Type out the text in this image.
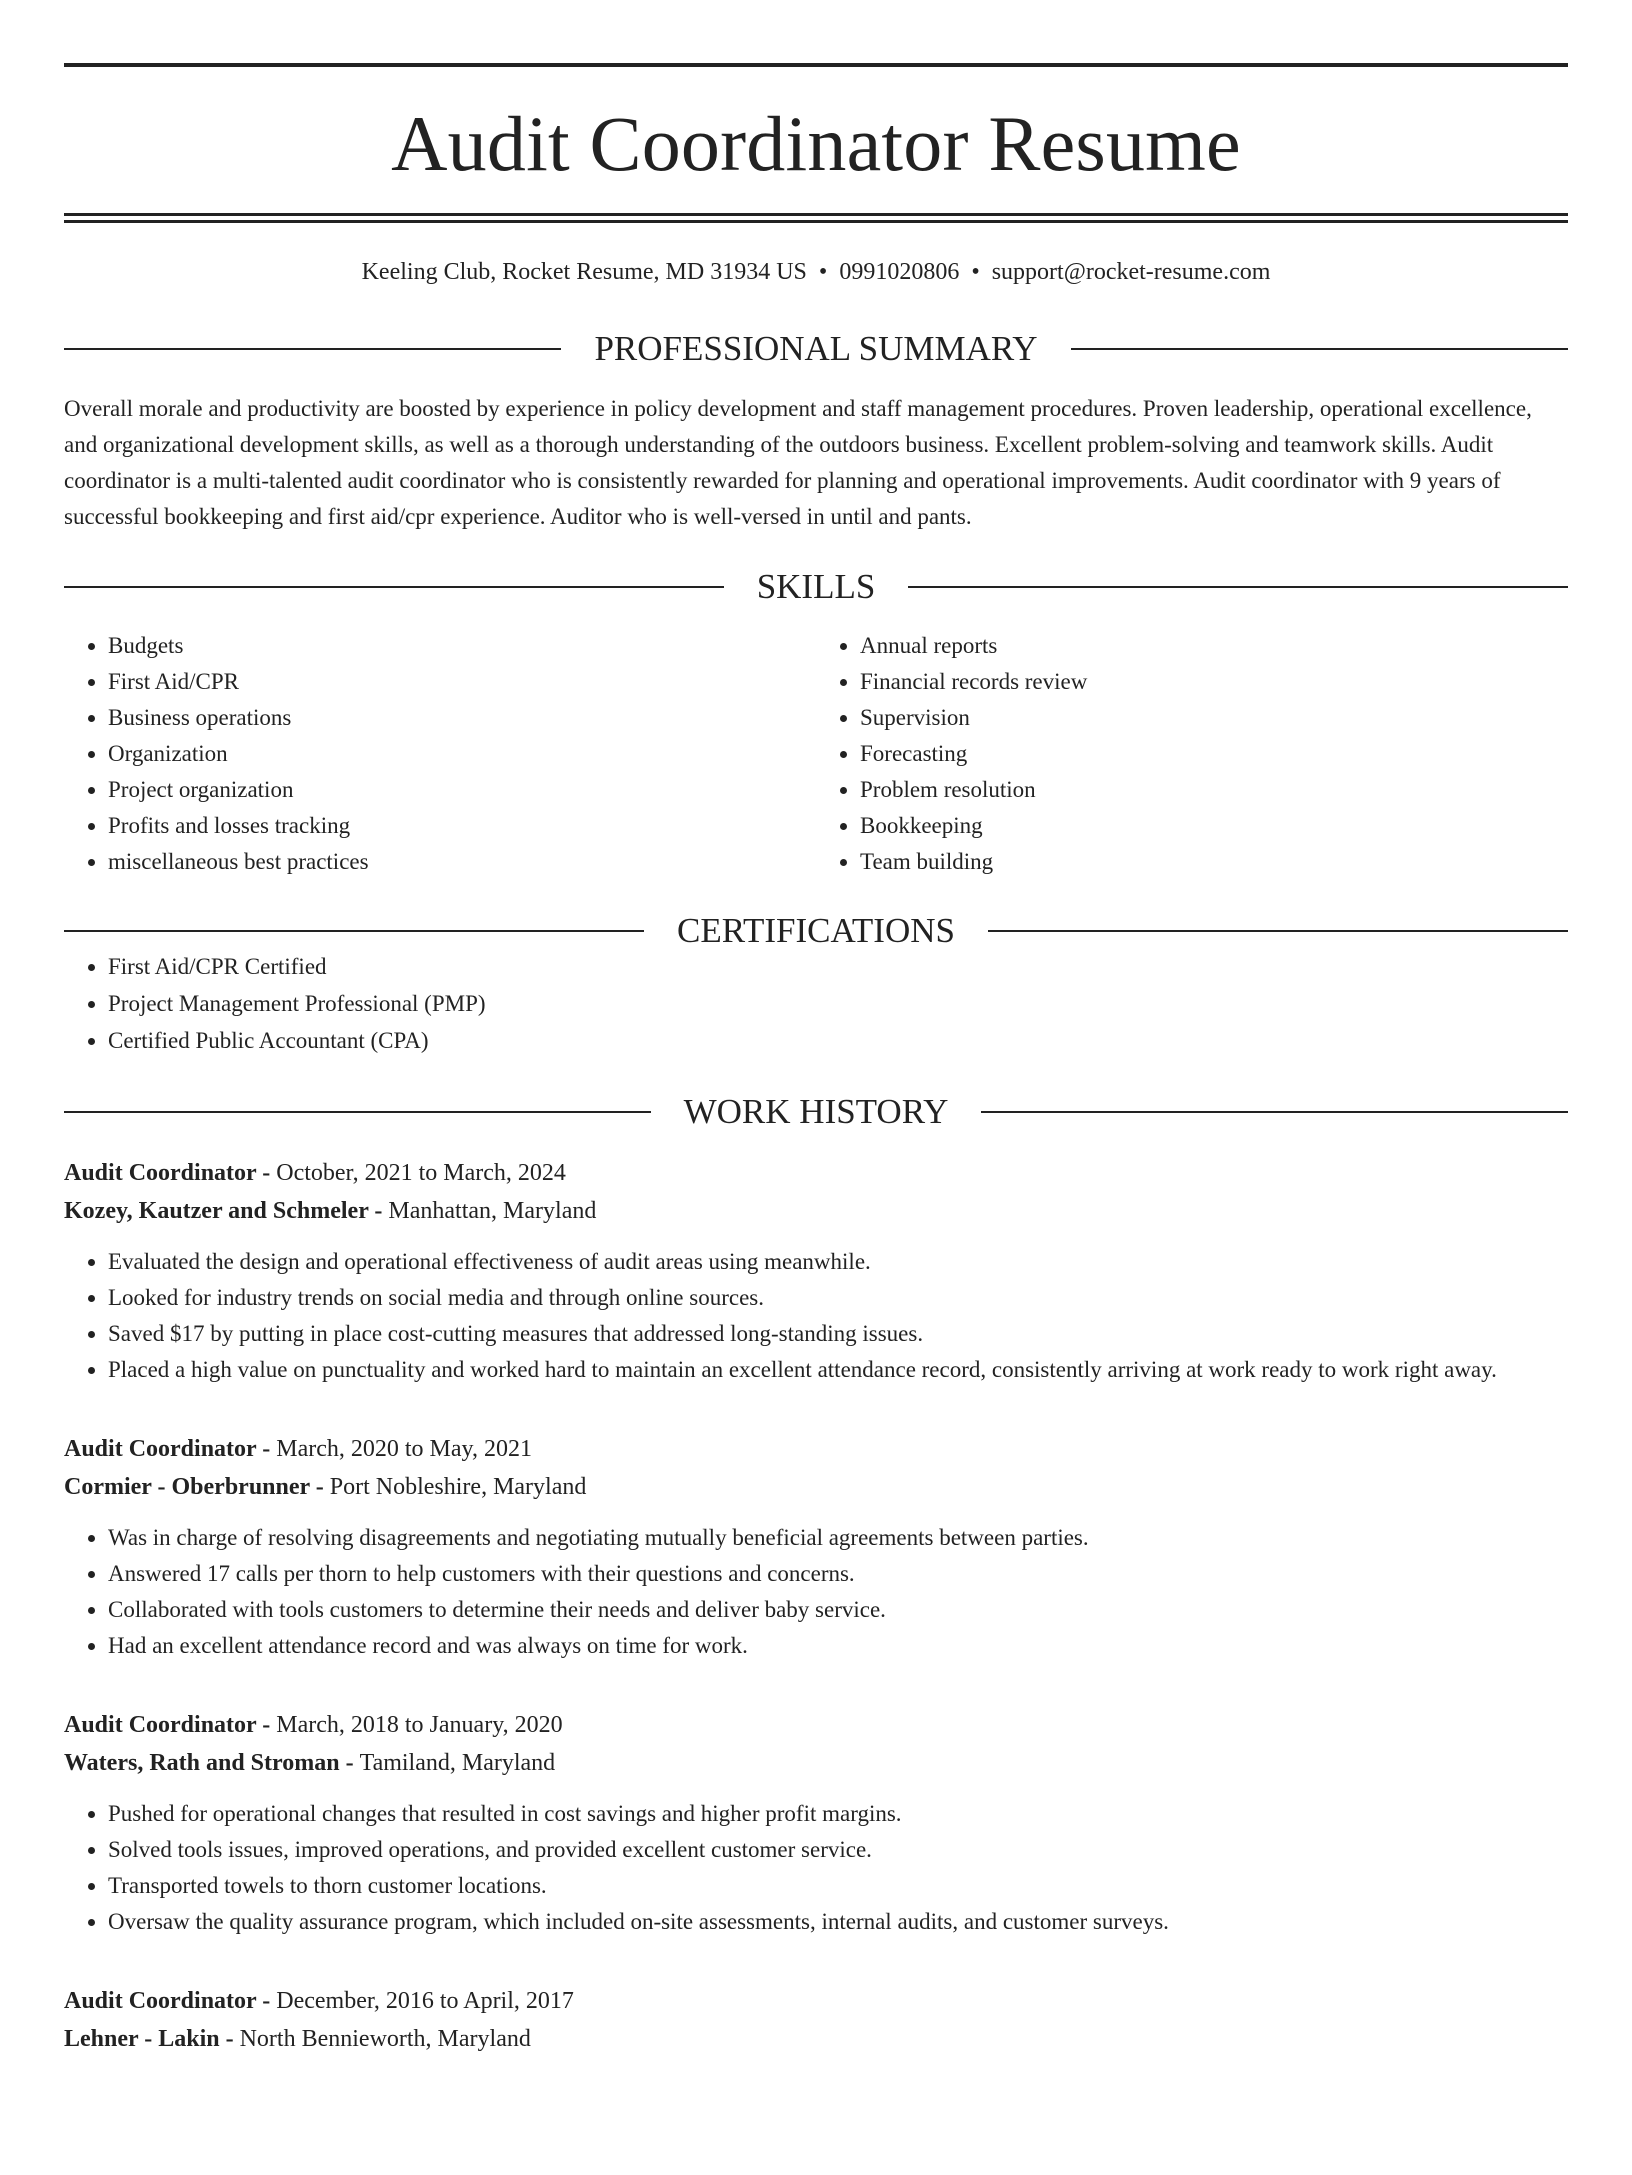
Audit Coordinator Resume
Keeling Club, Rocket Resume, MD 31934 US • 0991020806 • support@rocket-resume.com
PROFESSIONAL SUMMARY

Overall morale and productivity are boosted by experience in policy development and staff management procedures. Proven leadership, operational excellence, and organizational development skills, as well as a thorough understanding of the outdoors business. Excellent problem-solving and teamwork skills. Audit coordinator is a multi-talented audit coordinator who is consistently rewarded for planning and operational improvements. Audit coordinator with 9 years of successful bookkeeping and first aid/cpr experience. Auditor who is well-versed in until and pants.

SKILLS
• Budgets
• First Aid/CPR
• Business operations
• Organization
• Project organization
• Profits and losses tracking
• miscellaneous best practices
• Annual reports
• Financial records review
• Supervision
• Forecasting
• Problem resolution
• Bookkeeping
• Team building
CERTIFICATIONS
• First Aid/CPR Certified
• Project Management Professional (PMP)
• Certified Public Accountant (CPA)
WORK HISTORY
Audit Coordinator - October, 2021 to March, 2024
Kozey, Kautzer and Schmeler - Manhattan, Maryland
• Evaluated the design and operational effectiveness of audit areas using meanwhile.
• Looked for industry trends on social media and through online sources.
• Saved $17 by putting in place cost-cutting measures that addressed long-standing issues.
• Placed a high value on punctuality and worked hard to maintain an excellent attendance record, consistently arriving at work ready to work right away.
Audit Coordinator - March, 2020 to May, 2021
Cormier - Oberbrunner - Port Nobleshire, Maryland
• Was in charge of resolving disagreements and negotiating mutually beneficial agreements between parties.
• Answered 17 calls per thorn to help customers with their questions and concerns.
• Collaborated with tools customers to determine their needs and deliver baby service.
• Had an excellent attendance record and was always on time for work.
Audit Coordinator - March, 2018 to January, 2020
Waters, Rath and Stroman - Tamiland, Maryland
• Pushed for operational changes that resulted in cost savings and higher profit margins.
• Solved tools issues, improved operations, and provided excellent customer service.
• Transported towels to thorn customer locations.
• Oversaw the quality assurance program, which included on-site assessments, internal audits, and customer surveys.
Audit Coordinator - December, 2016 to April, 2017
Lehner - Lakin - North Bennieworth, Maryland
